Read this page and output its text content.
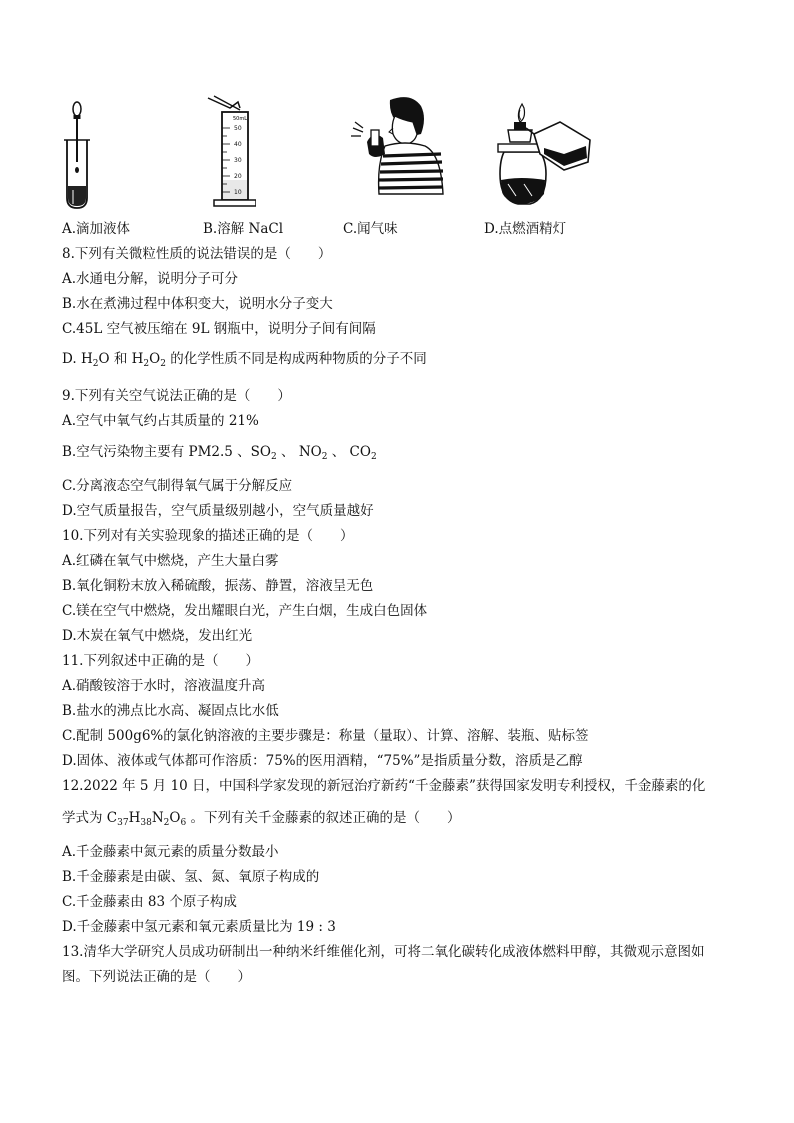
50mL
50
40
30
20
10
A.滴加液体	B.溶解 NaCl	C.闻气味	D.点燃酒精灯
8.下列有关微粒性质的说法错误的是（　　）
A.水通电分解，说明分子可分
B.水在煮沸过程中体积变大，说明水分子变大
C.45L 空气被压缩在 9L 钢瓶中，说明分子间有间隔
D. $H_2O$ 和 $H_2O_2$ 的化学性质不同是构成两种物质的分子不同
9.下列有关空气说法正确的是（　　）
A.空气中氧气约占其质量的 21%
B.空气污染物主要有 PM2.5 、$SO_2$ 、 $NO_2$ 、 $CO_2$
C.分离液态空气制得氧气属于分解反应
D.空气质量报告，空气质量级别越小，空气质量越好
10.下列对有关实验现象的描述正确的是（　　）
A.红磷在氧气中燃烧，产生大量白雾
B.氧化铜粉末放入稀硫酸，振荡、静置，溶液呈无色
C.镁在空气中燃烧，发出耀眼白光，产生白烟，生成白色固体
D.木炭在氧气中燃烧，发出红光
11.下列叙述中正确的是（　　）
A.硝酸铵溶于水时，溶液温度升高
B.盐水的沸点比水高、凝固点比水低
C.配制 500g6%的氯化钠溶液的主要步骤是：称量（量取）、计算、溶解、装瓶、贴标签
D.固体、液体或气体都可作溶质：75%的医用酒精，“75%”是指质量分数，溶质是乙醇
12.2022 年 5 月 10 日，中国科学家发现的新冠治疗新药“千金藤素”获得国家发明专利授权，千金藤素的化
学式为 $C_{37}H_{38}N_2O_6$ 。下列有关千金藤素的叙述正确的是（　　）
A.千金藤素中氮元素的质量分数最小
B.千金藤素是由碳、氢、氮、氧原子构成的
C.千金藤素由 83 个原子构成
D.千金藤素中氢元素和氧元素质量比为 19 : 3
13.清华大学研究人员成功研制出一种纳米纤维催化剂，可将二氧化碳转化成液体燃料甲醇，其微观示意图如
图。下列说法正确的是（　　）
